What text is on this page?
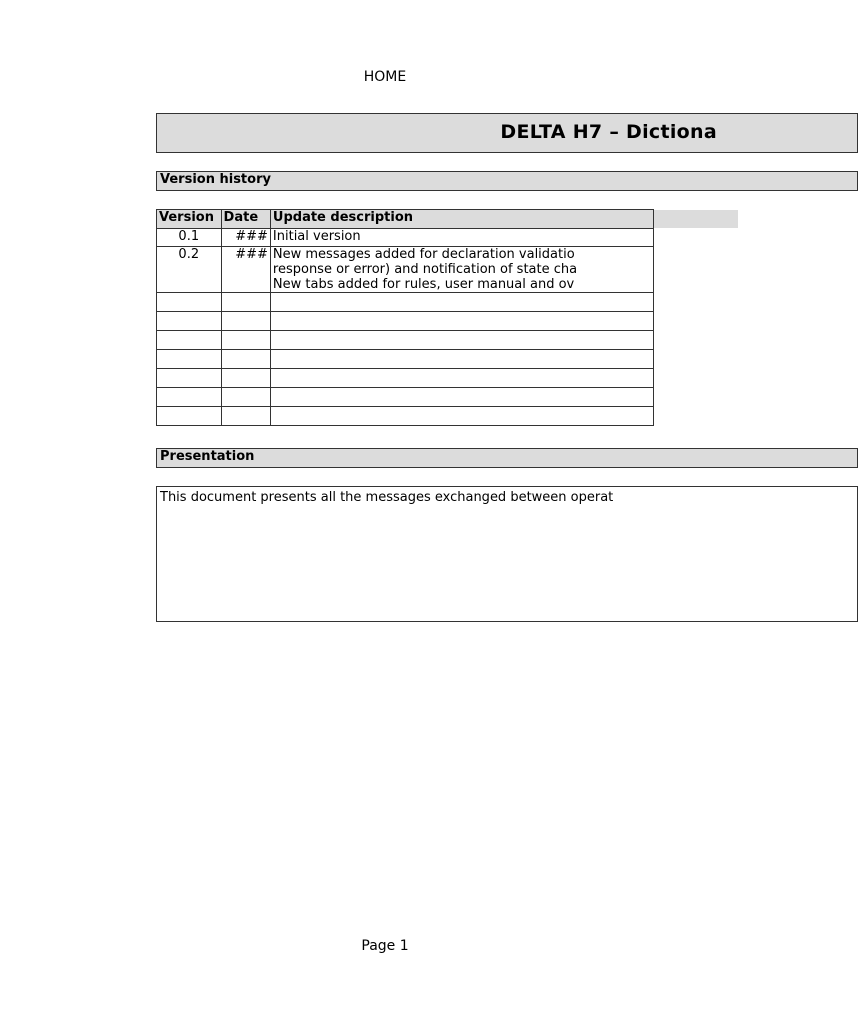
HOME
DELTA H7 – Dictiona
Version history
Version	Date	Update description
0.1	###	Initial version

0.2	###	New messages added for declaration validatio
response or error) and notification of state cha
New tabs added for rules, user manual and ov

Presentation
This document presents all the messages exchanged between operat
Page 1
